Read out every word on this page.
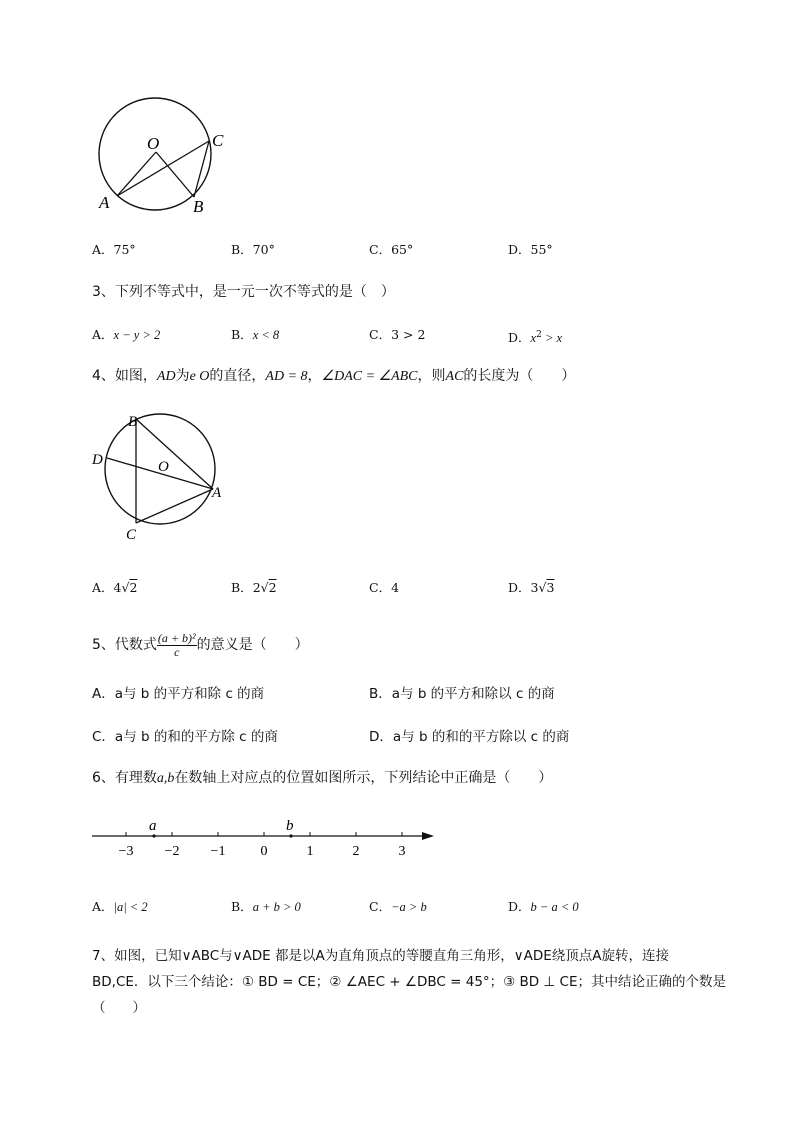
O	C
A	B
A．75°	B．70°	C．65°	D．55°
3、下列不等式中，是一元一次不等式的是（　）
A．x − y > 2	B．x < 8	C．3 > 2	D．$x^2 > x$
4、如图，AD为e O的直径，AD = 8，∠DAC = ∠ABC，则AC的长度为（　　）
B
D	O
A
C
A．4√2	B．2√2	C．4	D．3√3
5、代数式 $\frac{\text{(a + b)²}}{c}$ 的意义是（　　）
A．a与 b 的平方和除 c 的商	B．a与 b 的平方和除以 c 的商
C．a与 b 的和的平方除 c 的商	D．a与 b 的和的平方除以 c 的商
6、有理数a,b在数轴上对应点的位置如图所示，下列结论中正确是（　　）
a	b
−3 −2 −1	0	1	2	3
A．|a| < 2	B．a + b > 0	C．−a > b	D．b − a < 0
7、如图，已知∨ABC与∨ADE 都是以A为直角顶点的等腰直角三角形，∨ADE绕顶点A旋转，连接
BD,CE．以下三个结论：① BD = CE；② ∠AEC + ∠DBC = 45°；③ BD ⊥ CE；其中结论正确的个数是
（　　）
